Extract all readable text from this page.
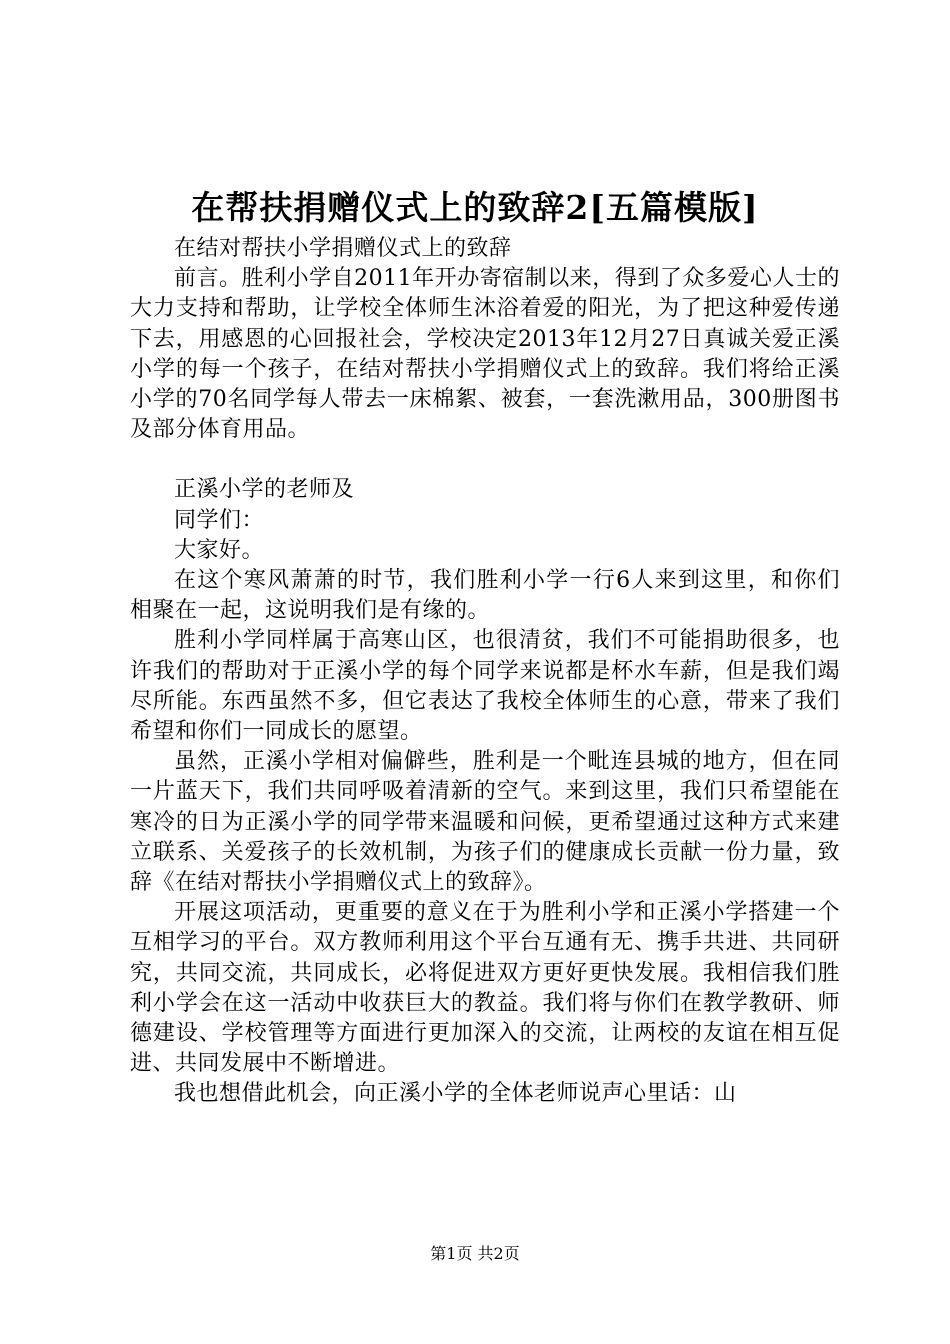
在帮扶捐赠仪式上的致辞2[五篇模版]

在结对帮扶小学捐赠仪式上的致辞

前言。胜利小学自2011年开办寄宿制以来，得到了众多爱心人士的大力支持和帮助，让学校全体师生沐浴着爱的阳光，为了把这种爱传递下去，用感恩的心回报社会，学校决定2013年12月27日真诚关爱正溪小学的每一个孩子，在结对帮扶小学捐赠仪式上的致辞。我们将给正溪小学的70名同学每人带去一床棉絮、被套，一套洗漱用品，300册图书及部分体育用品。

正溪小学的老师及

同学们：

大家好。

在这个寒风萧萧的时节，我们胜利小学一行6人来到这里，和你们相聚在一起，这说明我们是有缘的。

胜利小学同样属于高寒山区，也很清贫，我们不可能捐助很多，也许我们的帮助对于正溪小学的每个同学来说都是杯水车薪，但是我们竭尽所能。东西虽然不多，但它表达了我校全体师生的心意，带来了我们希望和你们一同成长的愿望。

虽然，正溪小学相对偏僻些，胜利是一个毗连县城的地方，但在同一片蓝天下，我们共同呼吸着清新的空气。来到这里，我们只希望能在寒冷的日为正溪小学的同学带来温暖和问候，更希望通过这种方式来建立联系、关爱孩子的长效机制，为孩子们的健康成长贡献一份力量，致辞《在结对帮扶小学捐赠仪式上的致辞》。

开展这项活动，更重要的意义在于为胜利小学和正溪小学搭建一个互相学习的平台。双方教师利用这个平台互通有无、携手共进、共同研究，共同交流，共同成长，必将促进双方更好更快发展。我相信我们胜利小学会在这一活动中收获巨大的教益。我们将与你们在教学教研、师德建设、学校管理等方面进行更加深入的交流，让两校的友谊在相互促进、共同发展中不断增进。

我也想借此机会，向正溪小学的全体老师说声心里话：山

第1页 共2页
